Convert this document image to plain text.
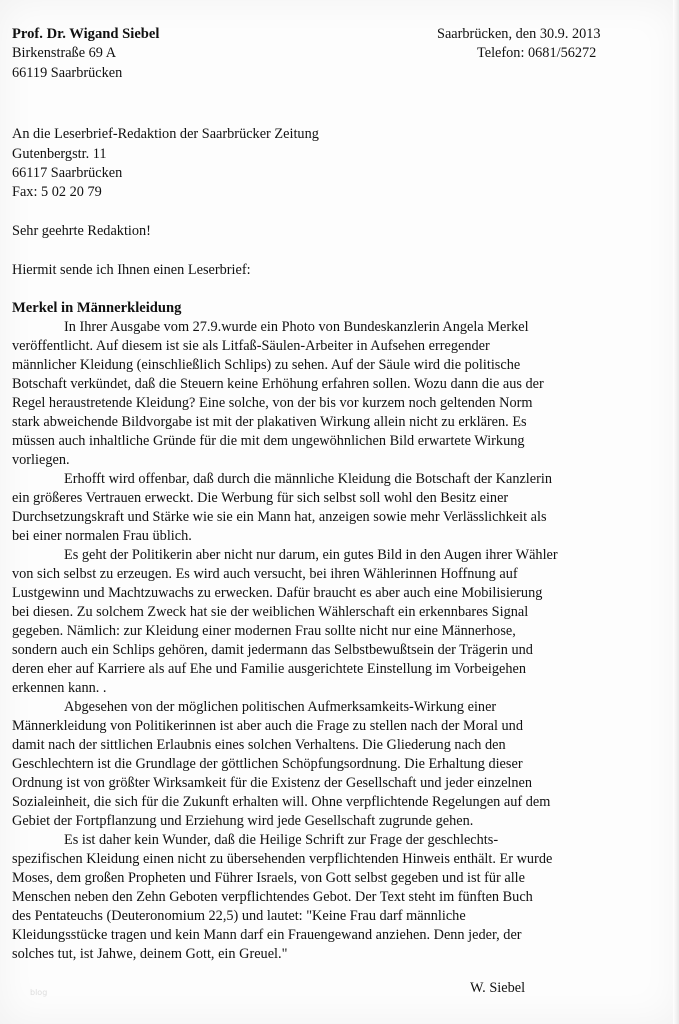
Prof. Dr. Wigand Siebel
Birkenstraße 69 A
66119 Saarbrücken
Saarbrücken, den 30.9. 2013
Telefon: 0681/56272
An die Leserbrief-Redaktion der Saarbrücker Zeitung
Gutenbergstr. 11
66117 Saarbrücken
Fax: 5 02 20 79
Sehr geehrte Redaktion!
Hiermit sende ich Ihnen einen Leserbrief:
Merkel in Männerkleidung
In Ihrer Ausgabe vom 27.9.wurde ein Photo von Bundeskanzlerin Angela Merkel
veröffentlicht. Auf diesem ist sie als Litfaß-Säulen-Arbeiter in Aufsehen erregender
männlicher Kleidung (einschließlich Schlips) zu sehen. Auf der Säule wird die politische
Botschaft verkündet, daß die Steuern keine Erhöhung erfahren sollen. Wozu dann die aus der
Regel heraustretende Kleidung? Eine solche, von der bis vor kurzem noch geltenden Norm
stark abweichende Bildvorgabe ist mit der plakativen Wirkung allein nicht zu erklären. Es
müssen auch inhaltliche Gründe für die mit dem ungewöhnlichen Bild erwartete Wirkung
vorliegen.
Erhofft wird offenbar, daß durch die männliche Kleidung die Botschaft der Kanzlerin
ein größeres Vertrauen erweckt. Die Werbung für sich selbst soll wohl den Besitz einer
Durchsetzungskraft und Stärke wie sie ein Mann hat, anzeigen sowie mehr Verlässlichkeit als
bei einer normalen Frau üblich.
Es geht der Politikerin aber nicht nur darum, ein gutes Bild in den Augen ihrer Wähler
von sich selbst zu erzeugen. Es wird auch versucht, bei ihren Wählerinnen Hoffnung auf
Lustgewinn und Machtzuwachs zu erwecken. Dafür braucht es aber auch eine Mobilisierung
bei diesen. Zu solchem Zweck hat sie der weiblichen Wählerschaft ein erkennbares Signal
gegeben. Nämlich: zur Kleidung einer modernen Frau sollte nicht nur eine Männerhose,
sondern auch ein Schlips gehören, damit jedermann das Selbstbewußtsein der Trägerin und
deren eher auf Karriere als auf Ehe und Familie ausgerichtete Einstellung im Vorbeigehen
erkennen kann. .
Abgesehen von der möglichen politischen Aufmerksamkeits-Wirkung einer
Männerkleidung von Politikerinnen ist aber auch die Frage zu stellen nach der Moral und
damit nach der sittlichen Erlaubnis eines solchen Verhaltens. Die Gliederung nach den
Geschlechtern ist die Grundlage der göttlichen Schöpfungsordnung. Die Erhaltung dieser
Ordnung ist von größter Wirksamkeit für die Existenz der Gesellschaft und jeder einzelnen
Sozialeinheit, die sich für die Zukunft erhalten will. Ohne verpflichtende Regelungen auf dem
Gebiet der Fortpflanzung und Erziehung wird jede Gesellschaft zugrunde gehen.
Es ist daher kein Wunder, daß die Heilige Schrift zur Frage der geschlechts-
spezifischen Kleidung einen nicht zu übersehenden verpflichtenden Hinweis enthält. Er wurde
Moses, dem großen Propheten und Führer Israels, von Gott selbst gegeben und ist für alle
Menschen neben den Zehn Geboten verpflichtendes Gebot. Der Text steht im fünften Buch
des Pentateuchs (Deuteronomium 22,5) und lautet: "Keine Frau darf männliche
Kleidungsstücke tragen und kein Mann darf ein Frauengewand anziehen. Denn jeder, der
solches tut, ist Jahwe, deinem Gott, ein Greuel."
W. Siebel
blog
